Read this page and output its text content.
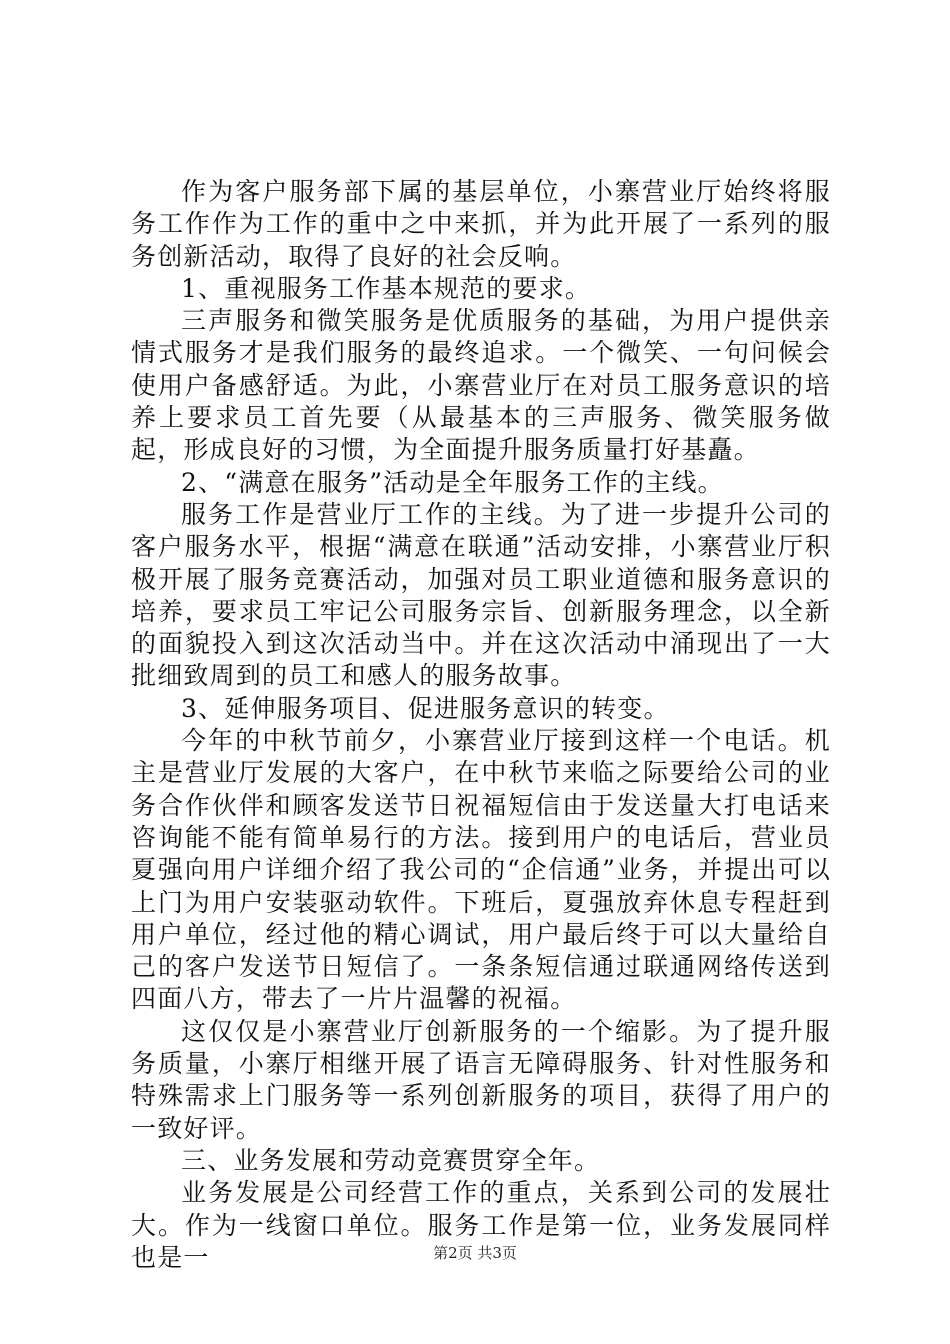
作为客户服务部下属的基层单位，小寨营业厅始终将服务工作作为工作的重中之中来抓，并为此开展了一系列的服务创新活动，取得了良好的社会反响。

1、重视服务工作基本规范的要求。

三声服务和微笑服务是优质服务的基础，为用户提供亲情式服务才是我们服务的最终追求。一个微笑、一句问候会使用户备感舒适。为此，小寨营业厅在对员工服务意识的培养上要求员工首先要（从最基本的三声服务、微笑服务做起，形成良好的习惯，为全面提升服务质量打好基矗。

2、“满意在服务”活动是全年服务工作的主线。

服务工作是营业厅工作的主线。为了进一步提升公司的客户服务水平，根据“满意在联通”活动安排，小寨营业厅积极开展了服务竞赛活动，加强对员工职业道德和服务意识的培养，要求员工牢记公司服务宗旨、创新服务理念，以全新的面貌投入到这次活动当中。并在这次活动中涌现出了一大批细致周到的员工和感人的服务故事。

3、延伸服务项目、促进服务意识的转变。

今年的中秋节前夕，小寨营业厅接到这样一个电话。机主是营业厅发展的大客户，在中秋节来临之际要给公司的业务合作伙伴和顾客发送节日祝福短信由于发送量大打电话来咨询能不能有简单易行的方法。接到用户的电话后，营业员夏强向用户详细介绍了我公司的“企信通”业务，并提出可以上门为用户安装驱动软件。下班后，夏强放弃休息专程赶到用户单位，经过他的精心调试，用户最后终于可以大量给自己的客户发送节日短信了。一条条短信通过联通网络传送到四面八方，带去了一片片温馨的祝福。

这仅仅是小寨营业厅创新服务的一个缩影。为了提升服务质量，小寨厅相继开展了语言无障碍服务、针对性服务和特殊需求上门服务等一系列创新服务的项目，获得了用户的一致好评。

三、业务发展和劳动竞赛贯穿全年。

业务发展是公司经营工作的重点，关系到公司的发展壮大。作为一线窗口单位。服务工作是第一位，业务发展同样也是一	第2页 共3页
